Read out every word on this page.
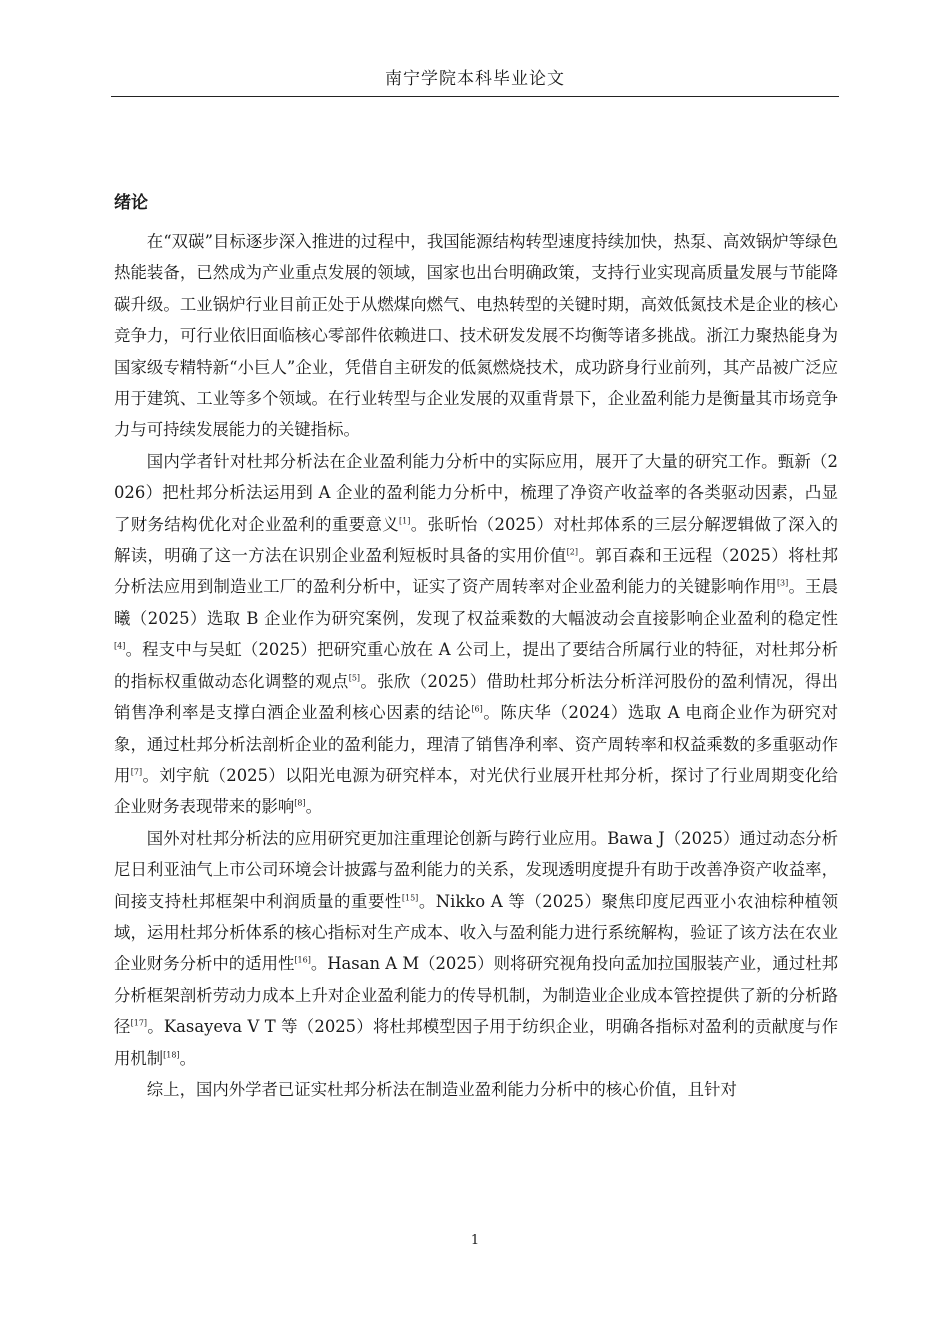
南宁学院本科毕业论文
绪论

在“双碳”目标逐步深入推进的过程中，我国能源结构转型速度持续加快，热泵、高效锅炉等绿色热能装备，已然成为产业重点发展的领域，国家也出台明确政策，支持行业实现高质量发展与节能降碳升级。工业锅炉行业目前正处于从燃煤向燃气、电热转型的关键时期，高效低氮技术是企业的核心竞争力，可行业依旧面临核心零部件依赖进口、技术研发发展不均衡等诸多挑战。浙江力聚热能身为国家级专精特新“小巨人”企业，凭借自主研发的低氮燃烧技术，成功跻身行业前列，其产品被广泛应用于建筑、工业等多个领域。在行业转型与企业发展的双重背景下，企业盈利能力是衡量其市场竞争力与可持续发展能力的关键指标。

国内学者针对杜邦分析法在企业盈利能力分析中的实际应用，展开了大量的研究工作。甄新（2026）把杜邦分析法运用到 A 企业的盈利能力分析中，梳理了净资产收益率的各类驱动因素，凸显了财务结构优化对企业盈利的重要意义[1]。张昕怡（2025）对杜邦体系的三层分解逻辑做了深入的解读，明确了这一方法在识别企业盈利短板时具备的实用价值[2]。郭百森和王远程（2025）将杜邦分析法应用到制造业工厂的盈利分析中，证实了资产周转率对企业盈利能力的关键影响作用[3]。王晨曦（2025）选取 B 企业作为研究案例，发现了权益乘数的大幅波动会直接影响企业盈利的稳定性[4]。程支中与吴虹（2025）把研究重心放在 A 公司上，提出了要结合所属行业的特征，对杜邦分析的指标权重做动态化调整的观点[5]。张欣（2025）借助杜邦分析法分析洋河股份的盈利情况，得出销售净利率是支撑白酒企业盈利核心因素的结论[6]。陈庆华（2024）选取 A 电商企业作为研究对象，通过杜邦分析法剖析企业的盈利能力，理清了销售净利率、资产周转率和权益乘数的多重驱动作用[7]。刘宇航（2025）以阳光电源为研究样本，对光伏行业展开杜邦分析，探讨了行业周期变化给企业财务表现带来的影响[8]。

国外对杜邦分析法的应用研究更加注重理论创新与跨行业应用。Bawa J（2025）通过动态分析尼日利亚油气上市公司环境会计披露与盈利能力的关系，发现透明度提升有助于改善净资产收益率，间接支持杜邦框架中利润质量的重要性[15]。Nikko A 等（2025）聚焦印度尼西亚小农油棕种植领域，运用杜邦分析体系的核心指标对生产成本、收入与盈利能力进行系统解构，验证了该方法在农业企业财务分析中的适用性[16]。Hasan A M（2025）则将研究视角投向孟加拉国服装产业，通过杜邦分析框架剖析劳动力成本上升对企业盈利能力的传导机制，为制造业企业成本管控提供了新的分析路径[17]。Kasayeva V T 等（2025）将杜邦模型因子用于纺织企业，明确各指标对盈利的贡献度与作用机制[18]。

综上，国内外学者已证实杜邦分析法在制造业盈利能力分析中的核心价值，且针对

1
